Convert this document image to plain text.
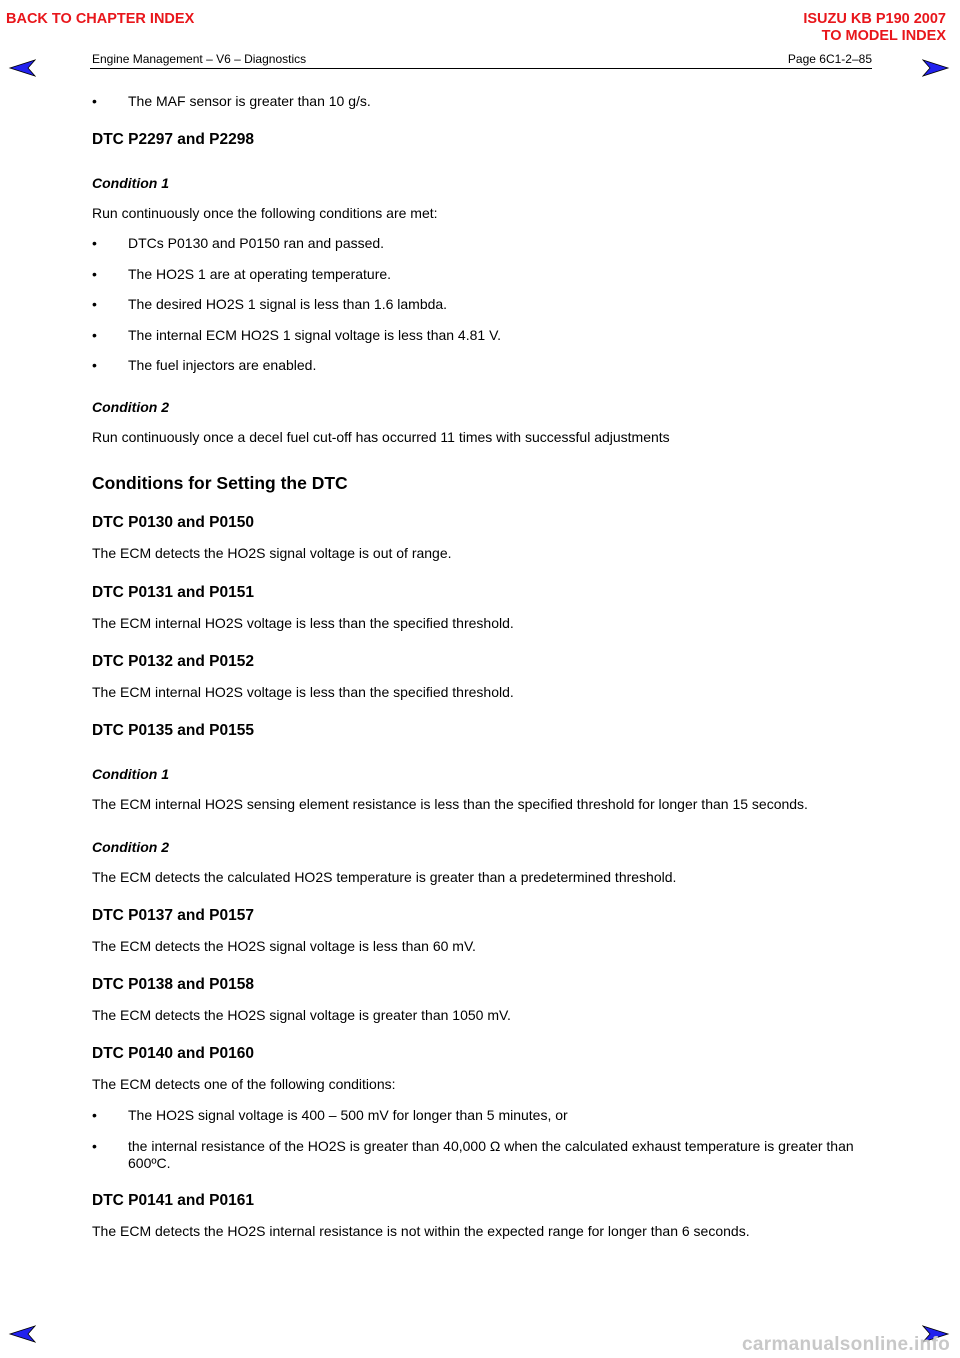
BACK TO CHAPTER INDEX	ISUZU KB P190 2007
TO MODEL INDEX
Engine Management – V6 – Diagnostics	Page 6C1-2–85
• The MAF sensor is greater than 10 g/s.
DTC P2297 and P2298
Condition 1
Run continuously once the following conditions are met:
• DTCs P0130 and P0150 ran and passed.
• The HO2S 1 are at operating temperature.
• The desired HO2S 1 signal is less than 1.6 lambda.
• The internal ECM HO2S 1 signal voltage is less than 4.81 V.
• The fuel injectors are enabled.
Condition 2
Run continuously once a decel fuel cut-off has occurred 11 times with successful adjustments
Conditions for Setting the DTC
DTC P0130 and P0150
The ECM detects the HO2S signal voltage is out of range.
DTC P0131 and P0151
The ECM internal HO2S voltage is less than the specified threshold.
DTC P0132 and P0152
The ECM internal HO2S voltage is less than the specified threshold.
DTC P0135 and P0155
Condition 1
The ECM internal HO2S sensing element resistance is less than the specified threshold for longer than 15 seconds.
Condition 2
The ECM detects the calculated HO2S temperature is greater than a predetermined threshold.
DTC P0137 and P0157
The ECM detects the HO2S signal voltage is less than 60 mV.
DTC P0138 and P0158
The ECM detects the HO2S signal voltage is greater than 1050 mV.
DTC P0140 and P0160
The ECM detects one of the following conditions:
• The HO2S signal voltage is 400 – 500 mV for longer than 5 minutes, or
• the internal resistance of the HO2S is greater than 40,000 Ω when the calculated exhaust temperature is greater than 600ºC.
DTC P0141 and P0161
The ECM detects the HO2S internal resistance is not within the expected range for longer than 6 seconds.
carmanualsonline.info
